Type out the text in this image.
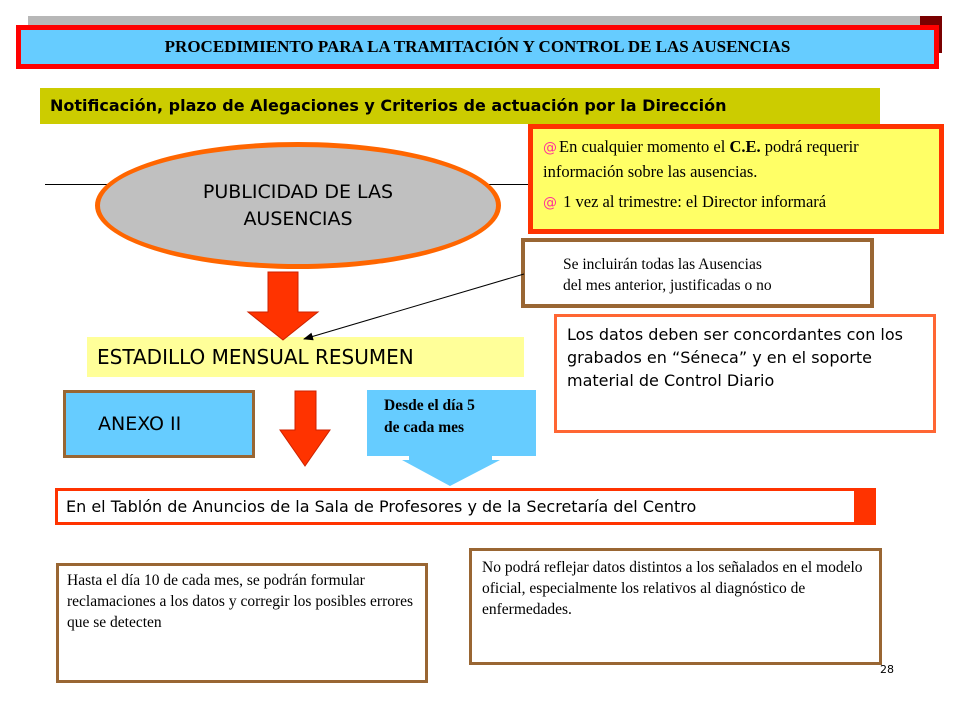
PROCEDIMIENTO PARA LA TRAMITACIÓN Y CONTROL DE LAS AUSENCIAS
Notificación, plazo de Alegaciones y Criterios de actuación por la Dirección
PUBLICIDAD DE LAS
AUSENCIAS

@ En cualquier momento el C.E. podrá requerir información sobre las ausencias.

@ 1 vez al trimestre: el Director informará

Se incluirán todas las Ausencias
del mes anterior, justificadas o no
Los datos deben ser concordantes con los grabados en “Séneca” y en el soporte material de Control Diario
ESTADILLO MENSUAL RESUMEN
ANEXO II
Desde el día 5
de cada mes
En el Tablón de Anuncios de la Sala de Profesores y de la Secretaría del Centro
Hasta el día 10 de cada mes, se podrán formular reclamaciones a los datos y corregir los posibles errores que se detecten
No podrá reflejar datos distintos a los señalados en el modelo oficial, especialmente los relativos al diagnóstico de enfermedades.
28
